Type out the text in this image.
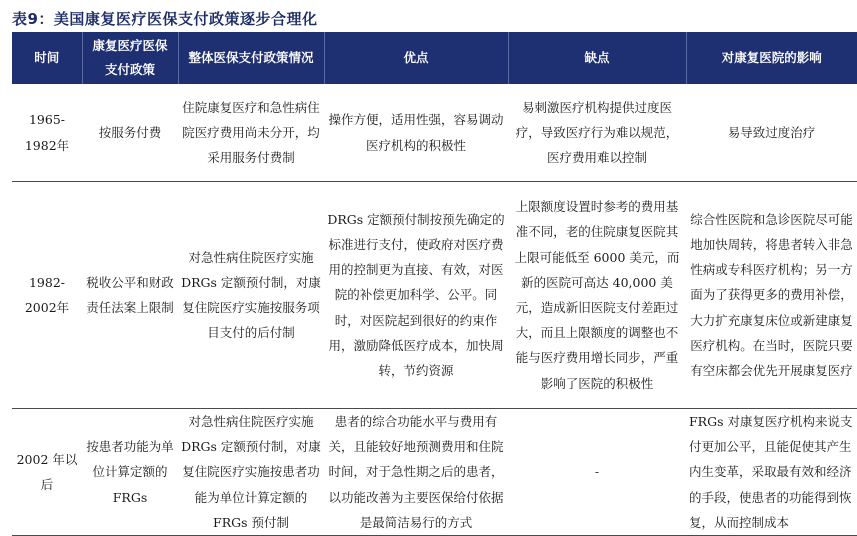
表9：美国康复医疗医保支付政策逐步合理化
时间	康复医疗医保支付政策	整体医保支付政策情况	优点	缺点	对康复医院的影响
1965-1982年	按服务付费	住院康复医疗和急性病住院医疗费用尚未分开，均采用服务付费制	操作方便，适用性强，容易调动医疗机构的积极性	易刺激医疗机构提供过度医疗，导致医疗行为难以规范，医疗费用难以控制	易导致过度治疗
1982-2002年	税收公平和财政责任法案上限制	对急性病住院医疗实施 DRGs 定额预付制，对康复住院医疗实施按服务项目支付的后付制	DRGs 定额预付制按预先确定的标准进行支付，使政府对医疗费用的控制更为直接、有效，对医院的补偿更加科学、公平。同时，对医院起到很好的约束作用，激励降低医疗成本，加快周转，节约资源	上限额度设置时参考的费用基准不同，老的住院康复医院其上限可能低至 6000 美元，而新的医院可高达 40,000 美元，造成新旧医院支付差距过大，而且上限额度的调整也不能与医疗费用增长同步，严重影响了医院的积极性	综合性医院和急诊医院尽可能地加快周转，将患者转入非急性病或专科医疗机构；另一方面为了获得更多的费用补偿，大力扩充康复床位或新建康复医疗机构。在当时，医院只要有空床都会优先开展康复医疗
2002 年以后	按患者功能为单位计算定额的 FRGs	对急性病住院医疗实施 DRGs 定额预付制，对康复住院医疗实施按患者功能为单位计算定额的 FRGs 预付制	患者的综合功能水平与费用有关，且能较好地预测费用和住院时间，对于急性期之后的患者，以功能改善为主要医保给付依据是最简洁易行的方式	-	FRGs 对康复医疗机构来说支付更加公平，且能促使其产生内生变革，采取最有效和经济的手段，使患者的功能得到恢复，从而控制成本
